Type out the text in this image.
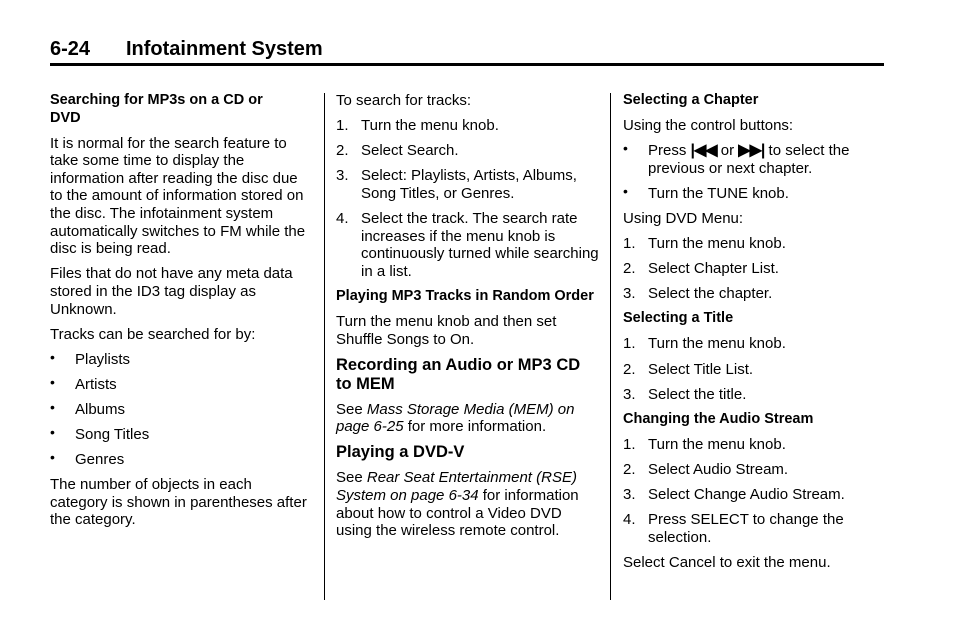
6-24 Infotainment System
Searching for MP3s on a CD or DVD

It is normal for the search feature to take some time to display the information after reading the disc due to the amount of information stored on the disc. The infotainment system automatically switches to FM while the disc is being read.

Files that do not have any meta data stored in the ID3 tag display as Unknown.

Tracks can be searched for by:

• Playlists
• Artists
• Albums
• Song Titles
• Genres

The number of objects in each category is shown in parentheses after the category.

To search for tracks:

1. Turn the menu knob.
2. Select Search.
3. Select: Playlists, Artists, Albums, Song Titles, or Genres.
4. Select the track. The search rate increases if the menu knob is continuously turned while searching in a list.
Playing MP3 Tracks in Random Order

Turn the menu knob and then set Shuffle Songs to On.

Recording an Audio or MP3 CD to MEM

See Mass Storage Media (MEM) on page 6-25 for more information.

Playing a DVD-V

See Rear Seat Entertainment (RSE) System on page 6-34 for information about how to control a Video DVD using the wireless remote control.

Selecting a Chapter

Using the control buttons:

• Press |◀◀ or ▶▶| to select the previous or next chapter.
• Turn the TUNE knob.

Using DVD Menu:

1. Turn the menu knob.
2. Select Chapter List.
3. Select the chapter.
Selecting a Title
1. Turn the menu knob.
2. Select Title List.
3. Select the title.
Changing the Audio Stream
1. Turn the menu knob.
2. Select Audio Stream.
3. Select Change Audio Stream.
4. Press SELECT to change the selection.

Select Cancel to exit the menu.
